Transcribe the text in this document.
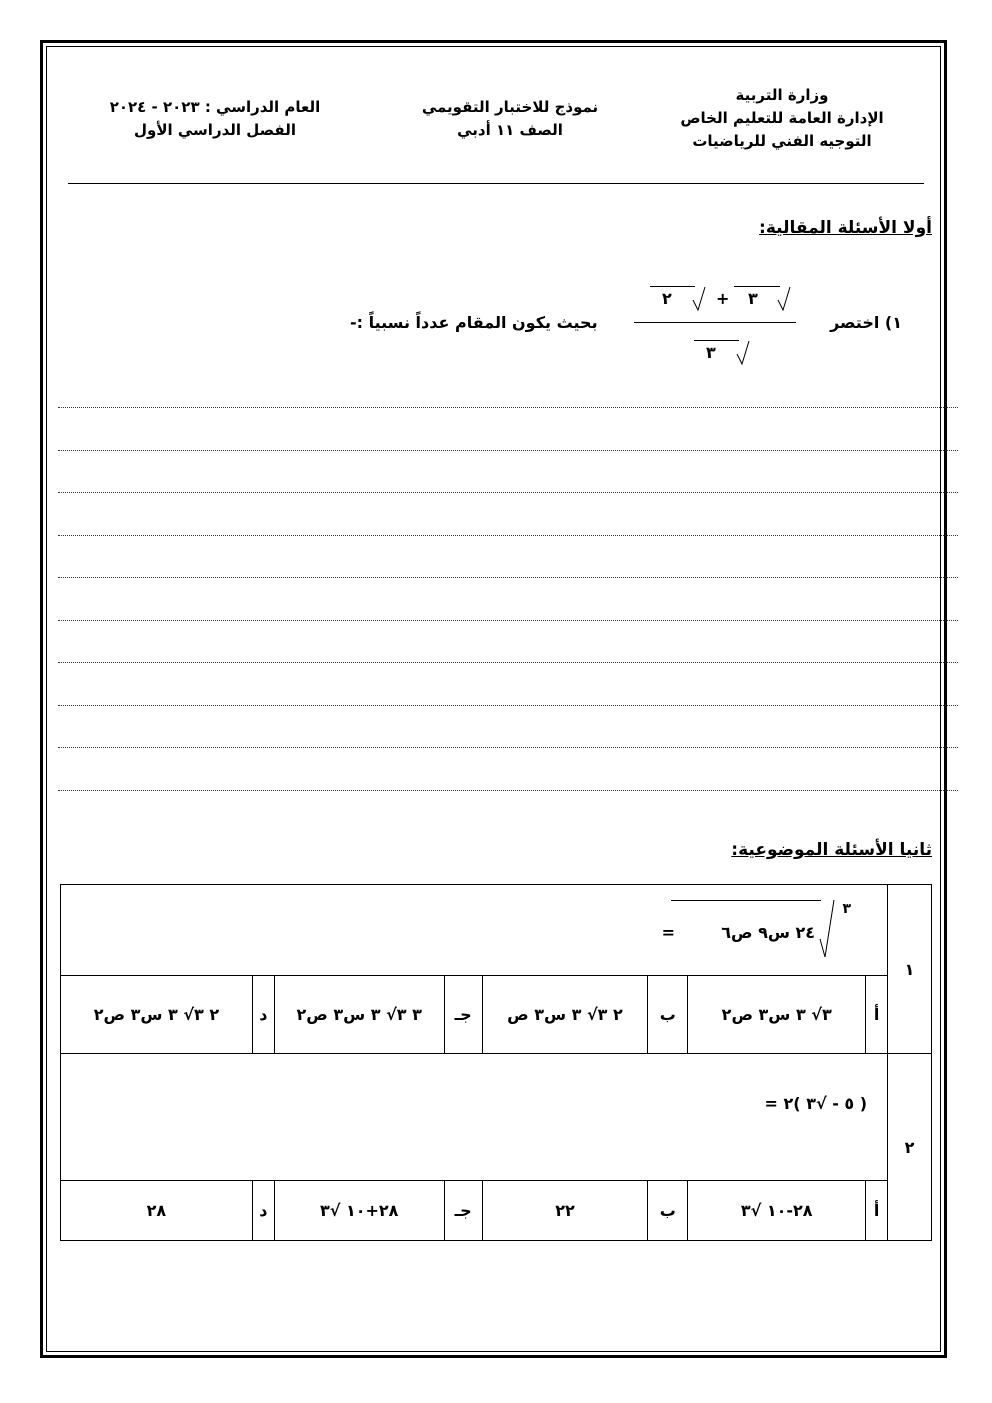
وزارة التربية
الإدارة العامة للتعليم الخاص
التوجيه الفني للرياضيات
نموذج للاختبار التقويمي
الصف ١١ أدبي
العام الدراسي : ٢٠٢٣ - ٢٠٢٤
الفصل الدراسي الأول
أولا الأسئلة المقالية:
١) اختصر
بحيث يكون المقام عدداً نسبياً :-
٢	+ ٣
٣
ثانيا الأسئلة الموضوعية:
١	٣
٢٤ س٩ ص٦
=							

	أ	٣√ ٣ س٣ ص٢	ب	٢ ٣√ ٣ س٣ ص	جـ	٣ ٣√ ٣ س٣ ص٢	د	٢ ٣√ ٣ س٣ ص٢
٢	( ٥ - √٣ )٢ =							

	أ	٢٨-١٠ √٣	ب	٢٢	جـ	٢٨+١٠ √٣	د	٢٨
